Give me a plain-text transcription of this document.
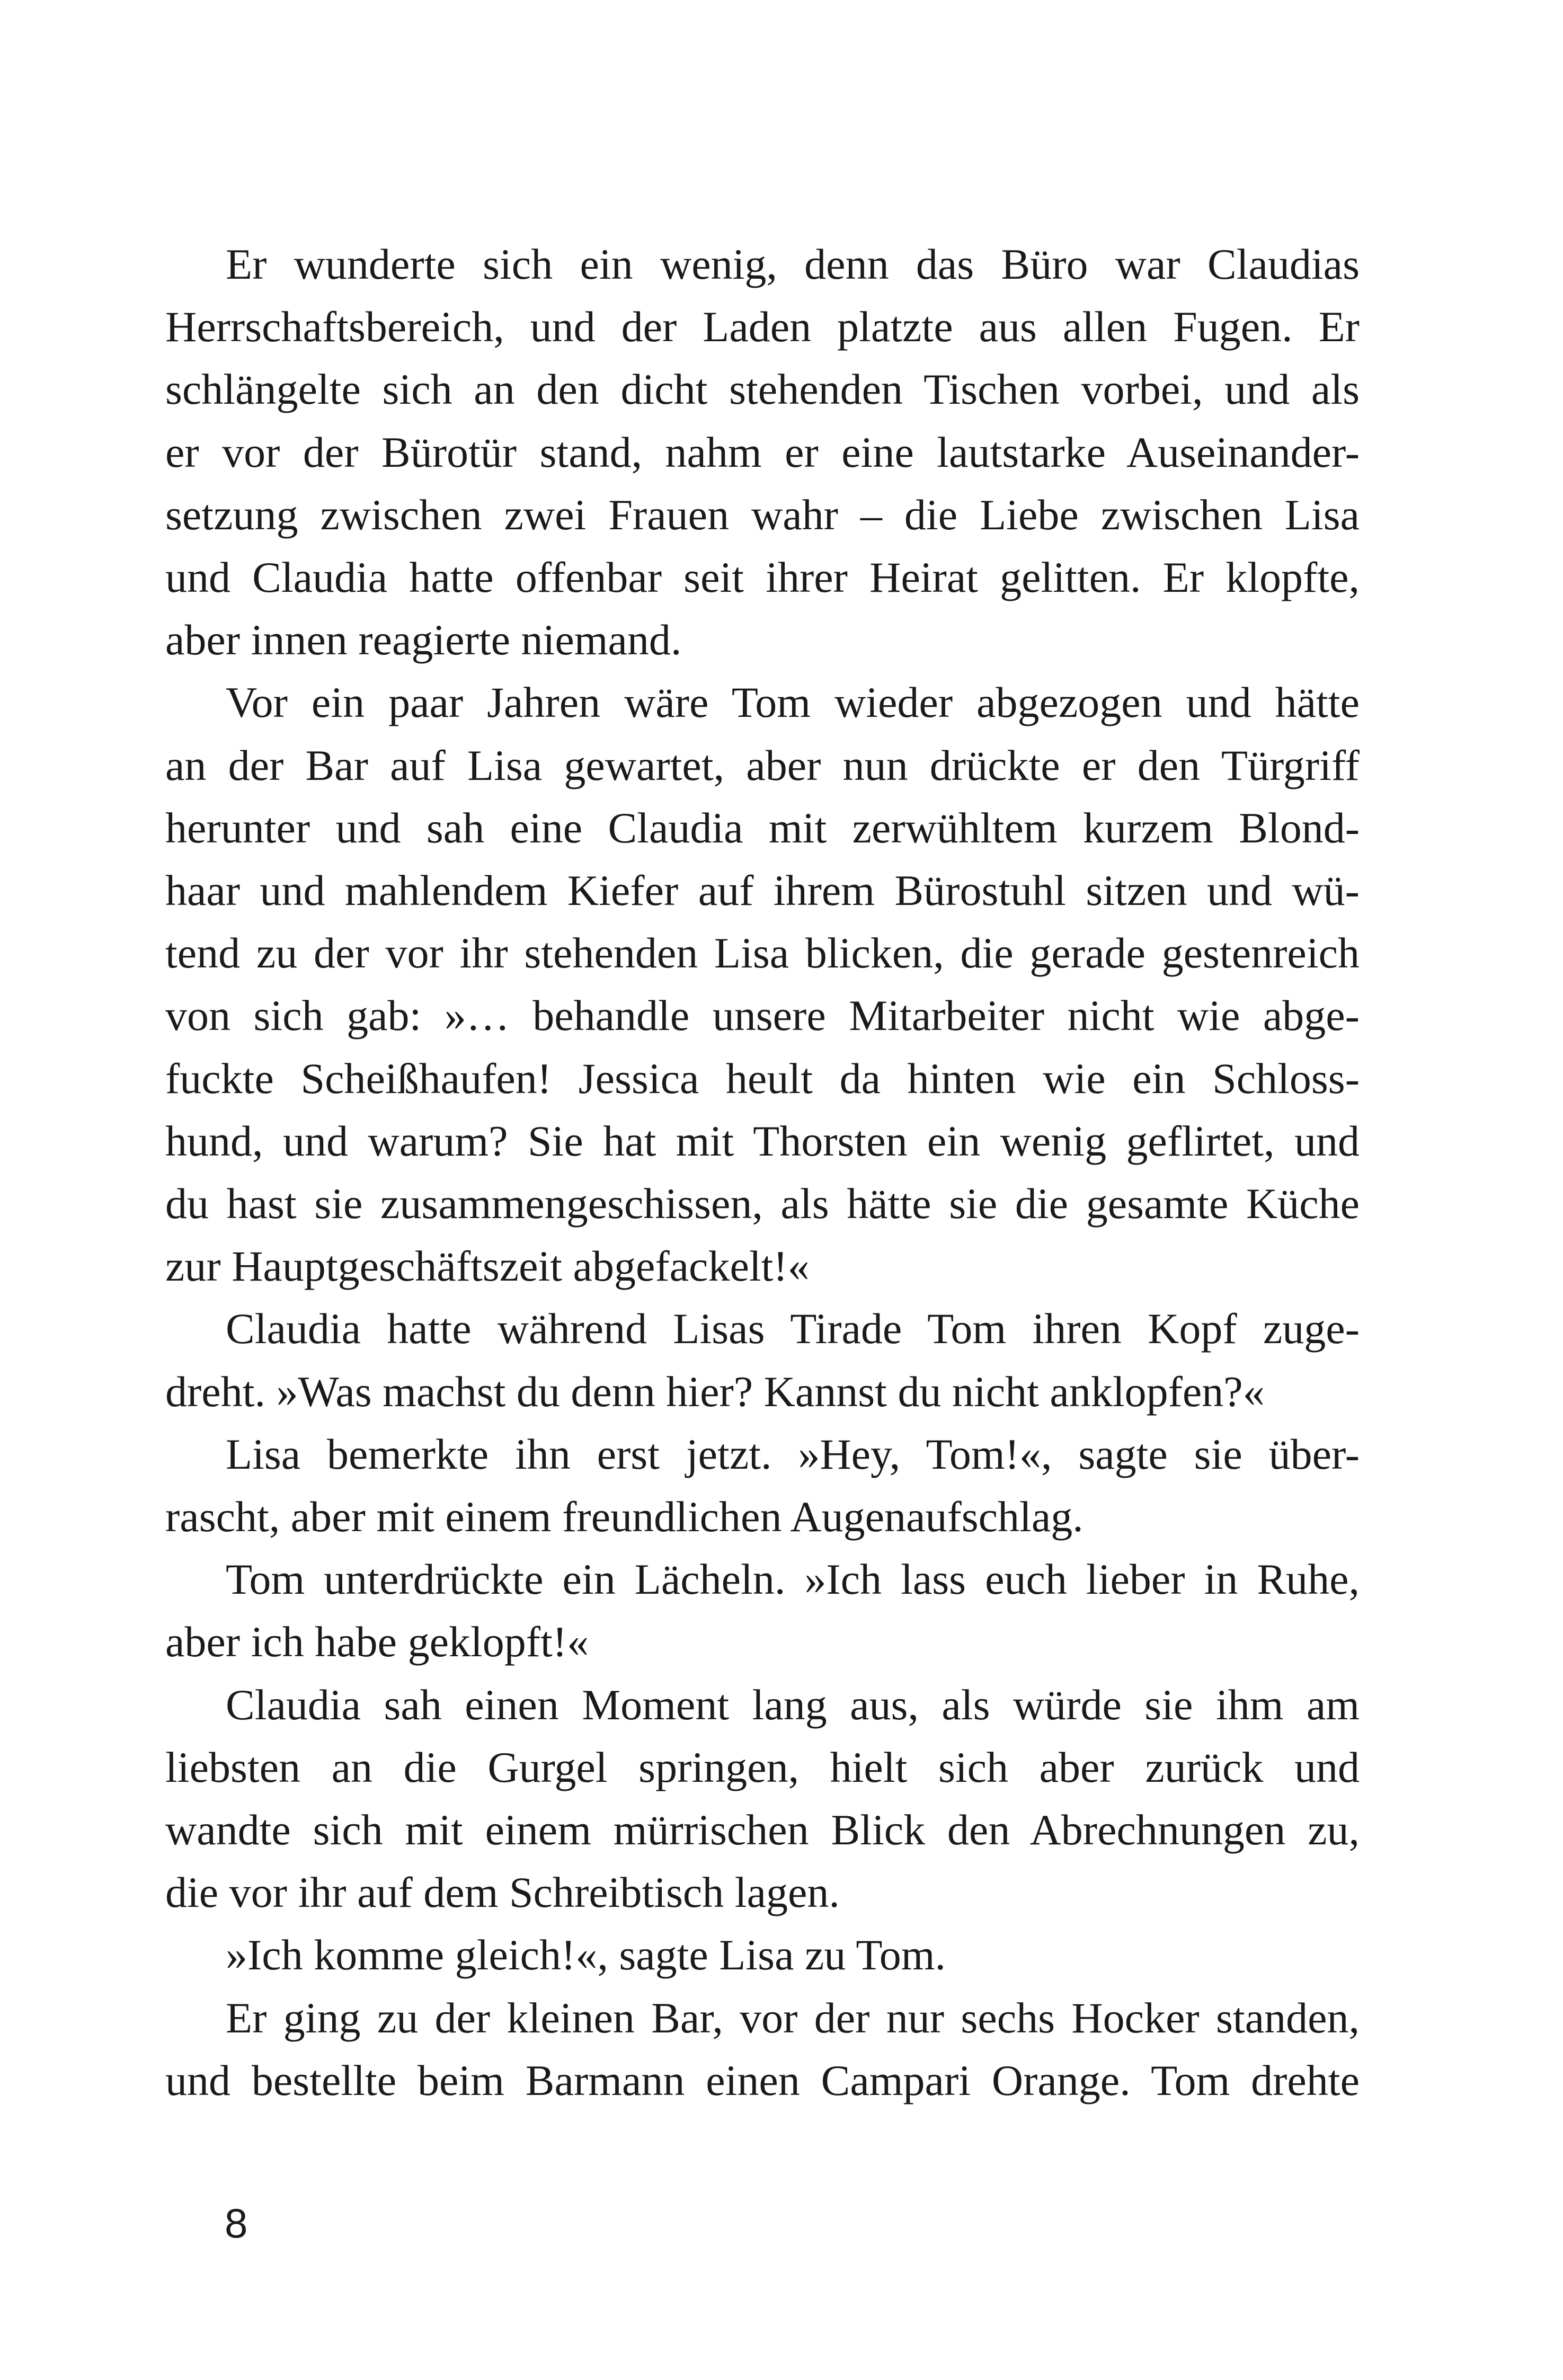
Er wunderte sich ein wenig, denn das Büro war Claudias
Herrschaftsbereich, und der Laden platzte aus allen Fugen. Er
schlängelte sich an den dicht stehenden Tischen vorbei, und als
er vor der Bürotür stand, nahm er eine lautstarke Auseinander-
setzung zwischen zwei Frauen wahr – die Liebe zwischen Lisa
und Claudia hatte offenbar seit ihrer Heirat gelitten. Er klopfte,
aber innen reagierte niemand.
Vor ein paar Jahren wäre Tom wieder abgezogen und hätte
an der Bar auf Lisa gewartet, aber nun drückte er den Türgriff
herunter und sah eine Claudia mit zerwühltem kurzem Blond-
haar und mahlendem Kiefer auf ihrem Bürostuhl sitzen und wü-
tend zu der vor ihr stehenden Lisa blicken, die gerade gestenreich
von sich gab: »… behandle unsere Mitarbeiter nicht wie abge-
fuckte Scheißhaufen! Jessica heult da hinten wie ein Schloss-
hund, und warum? Sie hat mit Thorsten ein wenig geflirtet, und
du hast sie zusammengeschissen, als hätte sie die gesamte Küche
zur Hauptgeschäftszeit abgefackelt!«
Claudia hatte während Lisas Tirade Tom ihren Kopf zuge-
dreht. »Was machst du denn hier? Kannst du nicht anklopfen?«
Lisa bemerkte ihn erst jetzt. »Hey, Tom!«, sagte sie über-
rascht, aber mit einem freundlichen Augenaufschlag.
Tom unterdrückte ein Lächeln. »Ich lass euch lieber in Ruhe,
aber ich habe geklopft!«
Claudia sah einen Moment lang aus, als würde sie ihm am
liebsten an die Gurgel springen, hielt sich aber zurück und
wandte sich mit einem mürrischen Blick den Abrechnungen zu,
die vor ihr auf dem Schreibtisch lagen.
»Ich komme gleich!«, sagte Lisa zu Tom.
Er ging zu der kleinen Bar, vor der nur sechs Hocker standen,
und bestellte beim Barmann einen Campari Orange. Tom drehte
8
